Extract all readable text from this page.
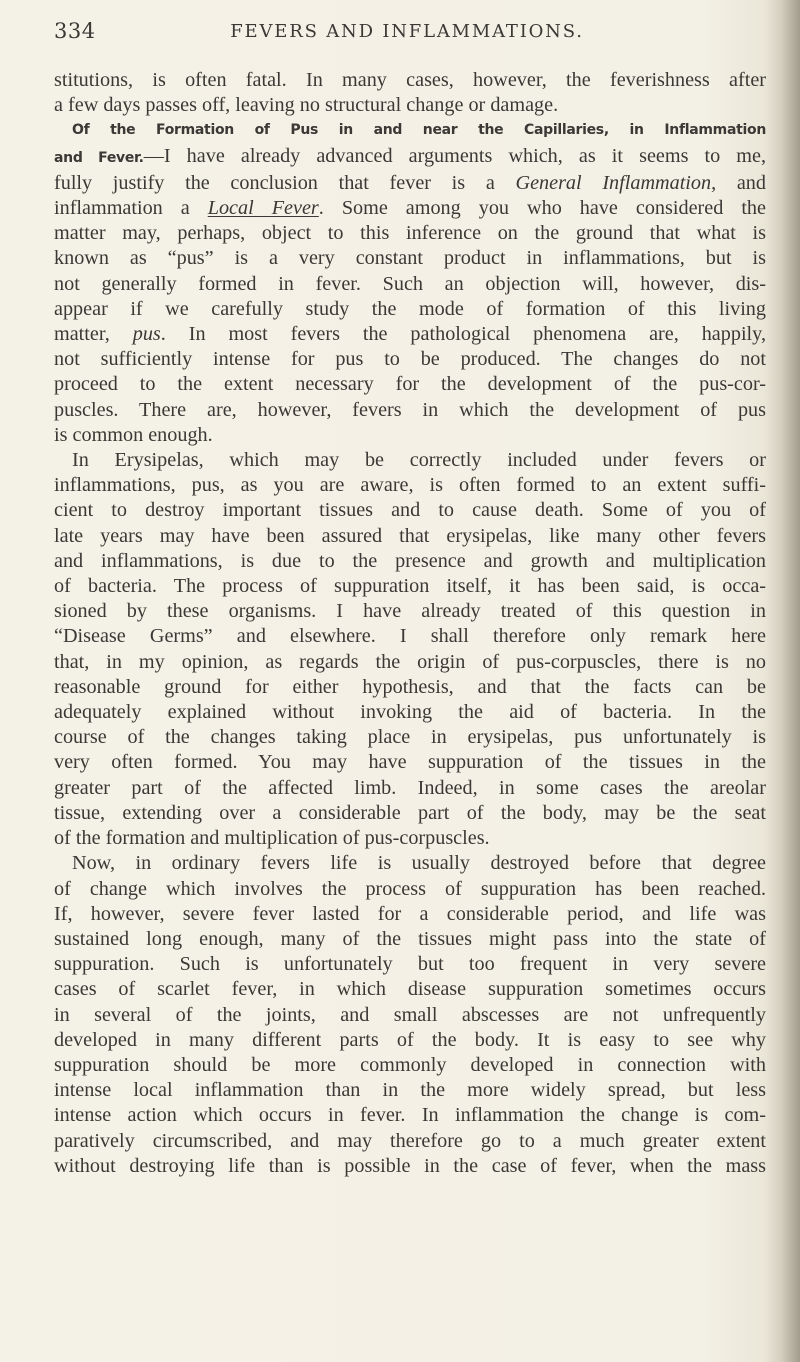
334	FEVERS AND INFLAMMATIONS.
stitutions, is often fatal. In many cases, however, the feverishness after
a few days passes off, leaving no structural change or damage.
Of the Formation of Pus in and near the Capillaries, in Inflammation
and Fever.—I have already advanced arguments which, as it seems to me,
fully justify the conclusion that fever is a General Inflammation, and
inflammation a Local Fever. Some among you who have considered the
matter may, perhaps, object to this inference on the ground that what is
known as “pus” is a very constant product in inflammations, but is
not generally formed in fever. Such an objection will, however, dis-
appear if we carefully study the mode of formation of this living
matter, pus. In most fevers the pathological phenomena are, happily,
not sufficiently intense for pus to be produced. The changes do not
proceed to the extent necessary for the development of the pus-cor-
puscles. There are, however, fevers in which the development of pus
is common enough.
In Erysipelas, which may be correctly included under fevers or
inflammations, pus, as you are aware, is often formed to an extent suffi-
cient to destroy important tissues and to cause death. Some of you of
late years may have been assured that erysipelas, like many other fevers
and inflammations, is due to the presence and growth and multiplication
of bacteria. The process of suppuration itself, it has been said, is occa-
sioned by these organisms. I have already treated of this question in
“Disease Germs” and elsewhere. I shall therefore only remark here
that, in my opinion, as regards the origin of pus-corpuscles, there is no
reasonable ground for either hypothesis, and that the facts can be
adequately explained without invoking the aid of bacteria. In the
course of the changes taking place in erysipelas, pus unfortunately is
very often formed. You may have suppuration of the tissues in the
greater part of the affected limb. Indeed, in some cases the areolar
tissue, extending over a considerable part of the body, may be the seat
of the formation and multiplication of pus-corpuscles.
Now, in ordinary fevers life is usually destroyed before that degree
of change which involves the process of suppuration has been reached.
If, however, severe fever lasted for a considerable period, and life was
sustained long enough, many of the tissues might pass into the state of
suppuration. Such is unfortunately but too frequent in very severe
cases of scarlet fever, in which disease suppuration sometimes occurs
in several of the joints, and small abscesses are not unfrequently
developed in many different parts of the body. It is easy to see why
suppuration should be more commonly developed in connection with
intense local inflammation than in the more widely spread, but less
intense action which occurs in fever. In inflammation the change is com-
paratively circumscribed, and may therefore go to a much greater extent
without destroying life than is possible in the case of fever, when the mass
